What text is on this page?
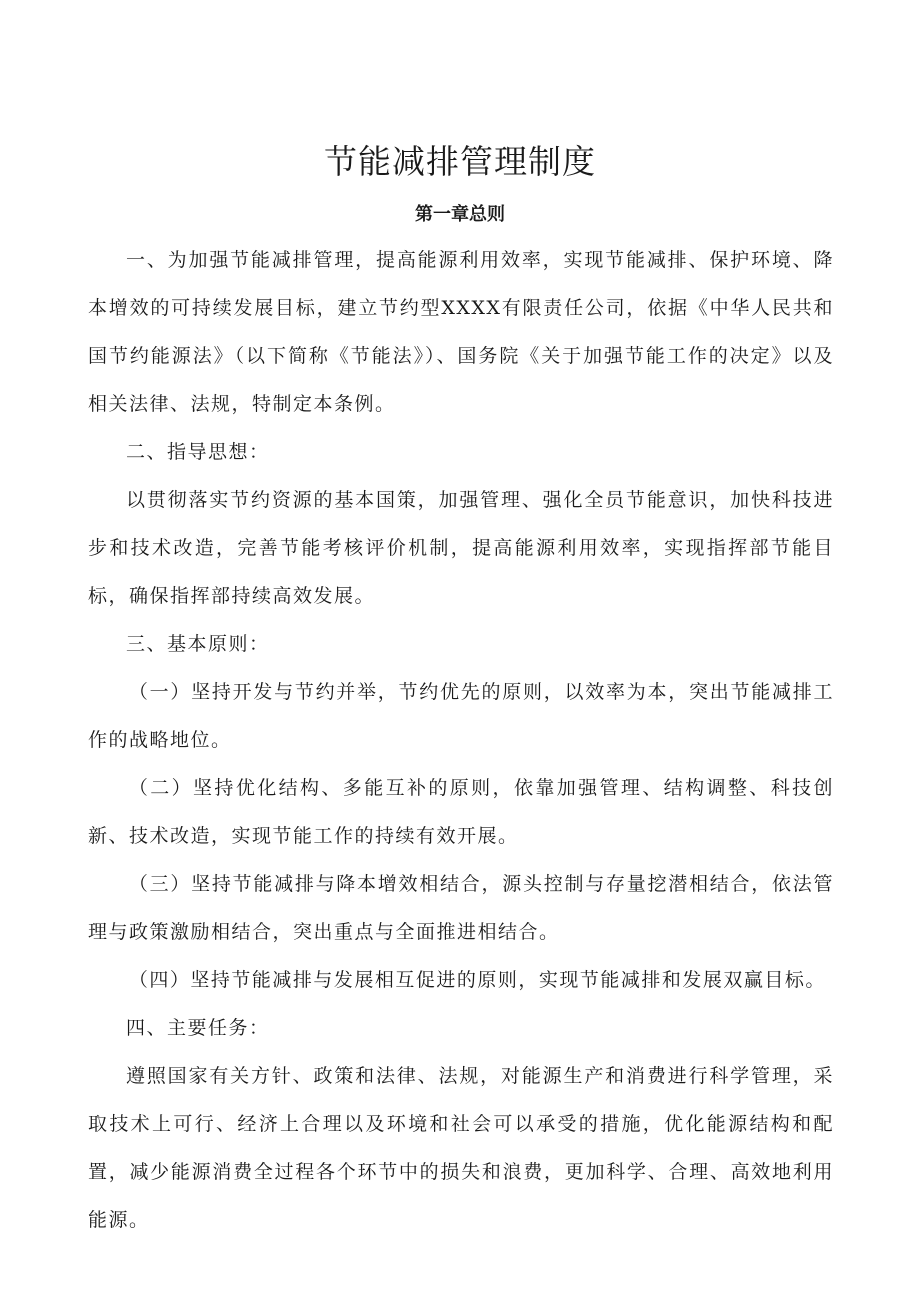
节能减排管理制度
第一章总则

一、为加强节能减排管理，提高能源利用效率，实现节能减排、保护环境、降本增效的可持续发展目标，建立节约型XXXX有限责任公司，依据《中华人民共和国节约能源法》（以下简称《节能法》）、国务院《关于加强节能工作的决定》以及相关法律、法规，特制定本条例。

二、指导思想：

以贯彻落实节约资源的基本国策，加强管理、强化全员节能意识，加快科技进步和技术改造，完善节能考核评价机制，提高能源利用效率，实现指挥部节能目标，确保指挥部持续高效发展。

三、基本原则：

（一）坚持开发与节约并举，节约优先的原则，以效率为本，突出节能减排工作的战略地位。

（二）坚持优化结构、多能互补的原则，依靠加强管理、结构调整、科技创新、技术改造，实现节能工作的持续有效开展。

（三）坚持节能减排与降本增效相结合，源头控制与存量挖潜相结合，依法管理与政策激励相结合，突出重点与全面推进相结合。

（四）坚持节能减排与发展相互促进的原则，实现节能减排和发展双赢目标。

四、主要任务：

遵照国家有关方针、政策和法律、法规，对能源生产和消费进行科学管理，采取技术上可行、经济上合理以及环境和社会可以承受的措施，优化能源结构和配置，减少能源消费全过程各个环节中的损失和浪费，更加科学、合理、高效地利用能源。
